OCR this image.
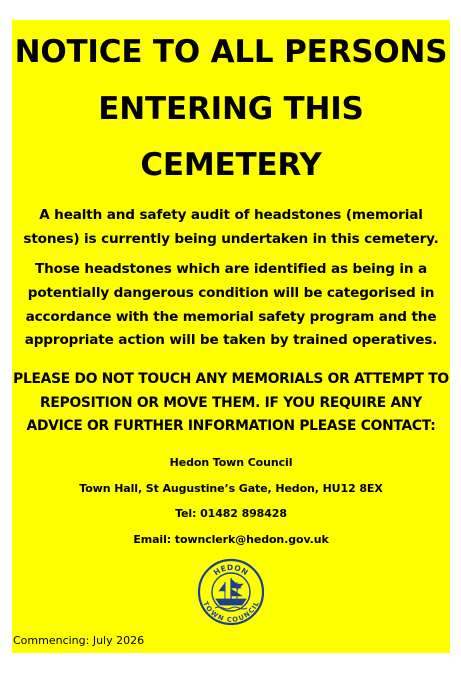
NOTICE TO ALL PERSONS ENTERING THIS CEMETERY

A health and safety audit of headstones (memorial stones) is currently being undertaken in this cemetery.

Those headstones which are identified as being in a potentially dangerous condition will be categorised in accordance with the memorial safety program and the appropriate action will be taken by trained operatives.

PLEASE DO NOT TOUCH ANY MEMORIALS OR ATTEMPT TO REPOSITION OR MOVE THEM. IF YOU REQUIRE ANY ADVICE OR FURTHER INFORMATION PLEASE CONTACT:

Hedon Town Council

Town Hall, St Augustine’s Gate, Hedon, HU12 8EX

Tel: 01482 898428

Email: townclerk@hedon.gov.uk

HEDON
TOWN COUNCIL

Commencing: July 2026
